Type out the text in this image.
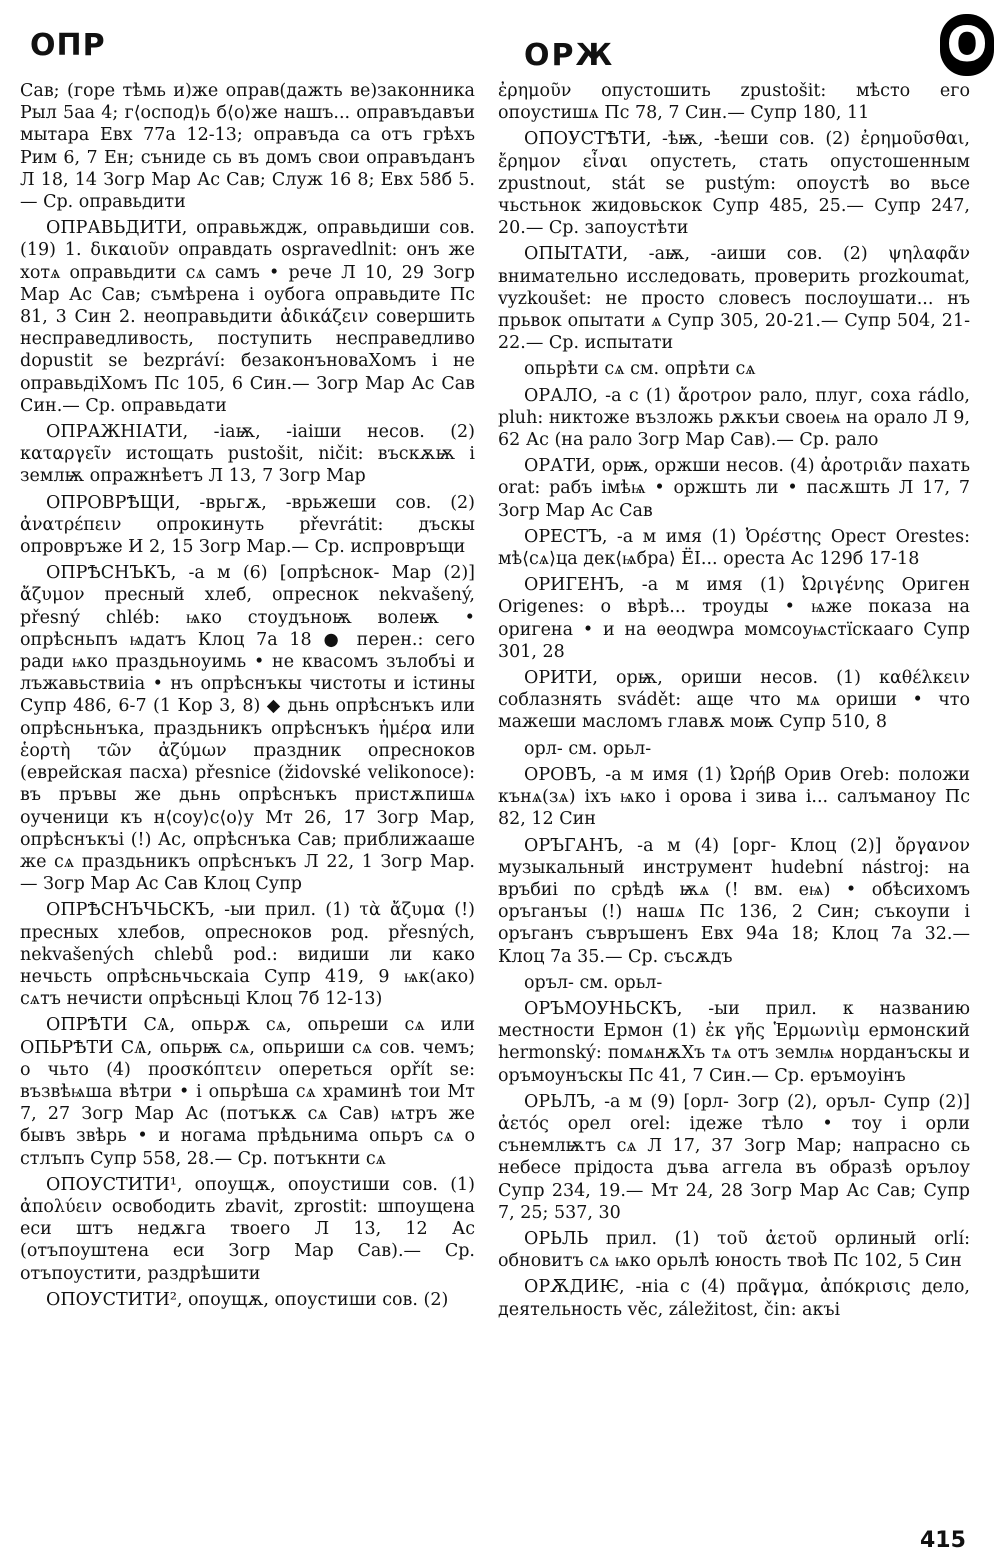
ОПР	ОРЖ	О

Сав; (горе тѣмь и)же оправ(дажть ве)законника Рыл 5аа 4; г⟨оспод⟩ь б⟨о⟩же нашъ... оправъдавъи мытара Евх 77а 12-13; оправъда са отъ грѣхъ Рим 6, 7 Ен; съниде сь въ домъ свои оправъданъ Л 18, 14 Зогр Мар Ас Сав; Служ 16 8; Евх 58б 5.— Ср. оправьдити

ОПРАВЬДИТИ, оправьждж, оправьдиши сов. (19) 1. δικαιοῦν оправдать ospravedlnit: онъ же хотѧ оправьдити сѧ самъ • рече Л 10, 29 Зогр Мар Ас Сав; съмѣрена і оубога оправьдите Пс 81, 3 Син 2. неоправьдити ἀδικάζειν совершить несправедливость, поступить несправедливо dopustit se bezpráví: безаконъноваХомъ і не оправьдіХомъ Пс 105, 6 Син.— Зогр Мар Ас Сав Син.— Ср. оправьдати

ОПРАЖНІАТИ, -іаѭ, -іаіши несов. (2) καταργεῖν истощать pustošit, ničit: въскѫѭ і землѭ опражнѣетъ Л 13, 7 Зогр Мар

ОПРОВРѢЩИ, -врьгѫ, -врьжеши сов. (2) ἀνατρέπειν опрокинуть převrátit: дъскы опровръже И 2, 15 Зогр Мар.— Ср. испровръщи

ОПРѢСНЪКЪ, -а м (6) [опрѣснок- Мар (2)] ἄζυμον пресный хлеб, опреснок nekvašený, přesný chléb: ѩко стоудъноѭ волеѭ • опрѣсньпъ ѩдатъ Клоц 7а 18 ● перен.: сего ради ѩко праздьноуимь • не квасомъ зълобъі и лъжавьствиіа • нъ опрѣснъкы чистоты и істины Супр 486, 6-7 (1 Кор 3, 8) ◆ дьнь опрѣснъкъ или опрѣсньнъка, праздьникъ опрѣснъкъ ἡμέρα или ἑορτὴ τῶν ἀζύμων праздник опресноков (еврейская пасха) přesnice (židovské velikonoce): въ пръвы же дьнь опрѣснъкъ пристѫпишѧ оученици къ н⟨соу⟩с⟨о⟩у Мт 26, 17 Зогр Мар, опрѣснъкъі (!) Ас, опрѣснъка Сав; приближааше же сѧ праздьникъ опрѣснъкъ Л 22, 1 Зогр Мар.— Зогр Мар Ас Сав Клоц Супр

ОПРѢСНЪЧЬСКЪ, -ыи прил. (1) τὰ ἄζυμα (!) пресных хлебов, опресноков род. přesných, nekvašených chlebů pod.: видиши ли како нечьсть опрѣсньчьскаіа Супр 419, 9 ѩк(ако) сѧтъ нечисти опрѣсньці Клоц 7б 12-13)

ОПРѢТИ СѦ, опьрѫ сѧ, опьреши сѧ или ОПЬРѢТИ СѦ, опьрѭ сѧ, опьриши сѧ сов. чемъ; о чьто (4) προσκόπτειν опереться opřít se: възвѣѩша вѣтри • і опьрѣша сѧ храминѣ тои Мт 7, 27 Зогр Мар Ас (потъкѫ сѧ Сав) ѩтръ же бывъ звѣрь • и ногама прѣдьнима опьръ сѧ о стлъпъ Супр 558, 28.— Ср. потъкнти сѧ

ОПОУСТИТИ¹, опоущѫ, опоустиши сов. (1) ἀπολύειν освободить zbavit, zprostit: шпоущена еси штъ недѫга твоего Л 13, 12 Ас (отъпоуштена еси Зогр Мар Сав).— Ср. отъпоустити, раздрѣшити

ОПОУСТИТИ², опоущѫ, опоустиши сов. (2)

ἐρημοῦν опустошить zpustošit: мѣсто его опоустишѧ Пс 78, 7 Син.— Супр 180, 11

ОПОУСТѢТИ, -ѣѭ, -ѣеши сов. (2) ἐρημοῦσθαι, ἔρημον εἶναι опустеть, стать опустошенным zpustnout, stát se pustým: опоустѣ во вьсе чьстьнок жидовьскок Супр 485, 25.— Супр 247, 20.— Ср. запоустѣти

ОПЫТАТИ, -аѭ, -аиши сов. (2) ψηλαφᾶν внимательно исследовать, проверить prozkoumat, vyzkoušet: не просто словесъ послоушати... нъ прьвок опытати ѧ Супр 305, 20-21.— Супр 504, 21-22.— Ср. испытати

опьрѣти сѧ см. опрѣти сѧ

ОРАЛО, -а с (1) ἄροτρον рало, плуг, соха rádlo, pluh: никтоже възложь рѫкъи своеѩ на орало Л 9, 62 Ас (на рало Зогр Мар Сав).— Ср. рало

ОРАТИ, орѭ, оржши несов. (4) ἀροτριᾶν пахать orat: рабъ імѣѩ • оржшть ли • пасѫшть Л 17, 7 Зогр Мар Ас Сав

ОРЕСТЪ, -а м имя (1) Ὀρέστης Орест Orestes: мѣ⟨сѧ⟩ца дек⟨ѩбра⟩ ЁІ... ореста Ас 129б 17-18

ОРИГЕНЪ, -а м имя (1) Ὠριγένης Ориген Origenes: о вѣрѣ... троуды • ѩже показа на оригена • и на ѳеодwра момсоуѩстїскааго Супр 301, 28

ОРИТИ, орѭ, ориши несов. (1) καθέλκειν соблазнять svádět: аще что мѧ ориши • что мажеши масломъ главѫ моѭ Супр 510, 8

орл- см. орьл-

ОРОВЪ, -а м имя (1) Ὠρήβ Орив Oreb: положи кънѧ(зѧ) іхъ ѩко і орова і зива і... салъманоу Пс 82, 12 Син

ОРЪГАНЪ, -а м (4) [орг- Клоц (2)] ὄργανον музыкальный инструмент hudební nástroj: на връбиі по срѣдѣ ѭѧ (! вм. еѩ) • обѣсихомъ оръганъы (!) нашѧ Пс 136, 2 Син; съкоупи і оръганъ съвръшенъ Евх 94а 18; Клоц 7а 32.— Клоц 7а 35.— Ср. съсѫдъ

оръл- см. орьл-

ОРЪМОУНЬСКЪ, -ыи прил. к названию местности Ермон (1) ἐκ γῆς Ἑρμωνιὶμ ермонский hermonský: помѧнѫХъ тѧ отъ землѩ норданъскы и оръмоунъскы Пс 41, 7 Син.— Ср. еръмоуінъ

ОРЬЛЪ, -а м (9) [орл- Зогр (2), оръл- Супр (2)] ἀετός орел orel: ідеже тѣло • тоу і орли сънемлѭтъ сѧ Л 17, 37 Зогр Мар; напрасно сь небесе прідоста дъва аггела въ образѣ орълоу Супр 234, 19.— Мт 24, 28 Зогр Мар Ас Сав; Супр 7, 25; 537, 30

ОРЬЛЬ прил. (1) τοῦ ἀετοῦ орлиный orlí: обновитъ сѧ ѩко орьлѣ юность твоѣ Пс 102, 5 Син

ОРѪДИѤ, -ніа с (4) πρᾶγμα, ἀπόκρισις дело, деятельность věc, záležitost, čin: акъі

415
